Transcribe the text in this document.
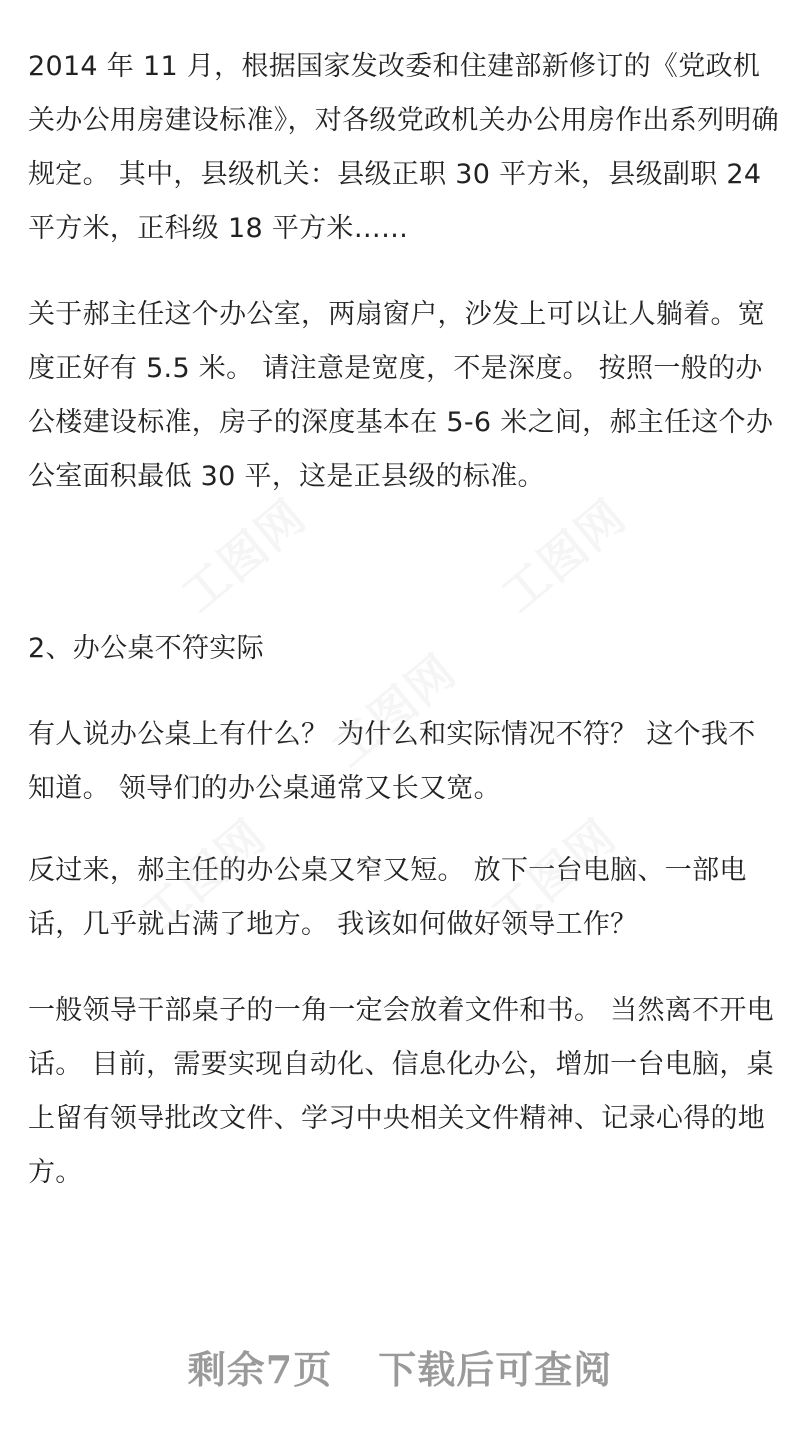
2014 年 11 月，根据国家发改委和住建部新修订的《党政机关办公用房建设标准》，对各级党政机关办公用房作出系列明确规定。 其中，县级机关：县级正职 30 平方米，县级副职 24 平方米，正科级 18 平方米……

关于郝主任这个办公室，两扇窗户，沙发上可以让人躺着。宽度正好有 5.5 米。 请注意是宽度，不是深度。 按照一般的办公楼建设标准，房子的深度基本在 5-6 米之间，郝主任这个办公室面积最低 30 平，这是正县级的标准。

2、办公桌不符实际

有人说办公桌上有什么？ 为什么和实际情况不符？ 这个我不知道。 领导们的办公桌通常又长又宽。

反过来，郝主任的办公桌又窄又短。 放下一台电脑、一部电话，几乎就占满了地方。 我该如何做好领导工作？

一般领导干部桌子的一角一定会放着文件和书。 当然离不开电话。 目前，需要实现自动化、信息化办公，增加一台电脑，桌上留有领导批改文件、学习中央相关文件精神、记录心得的地方。

工图网	工图网
工图网
工图网	工图网
剩余7页 下载后可查阅
